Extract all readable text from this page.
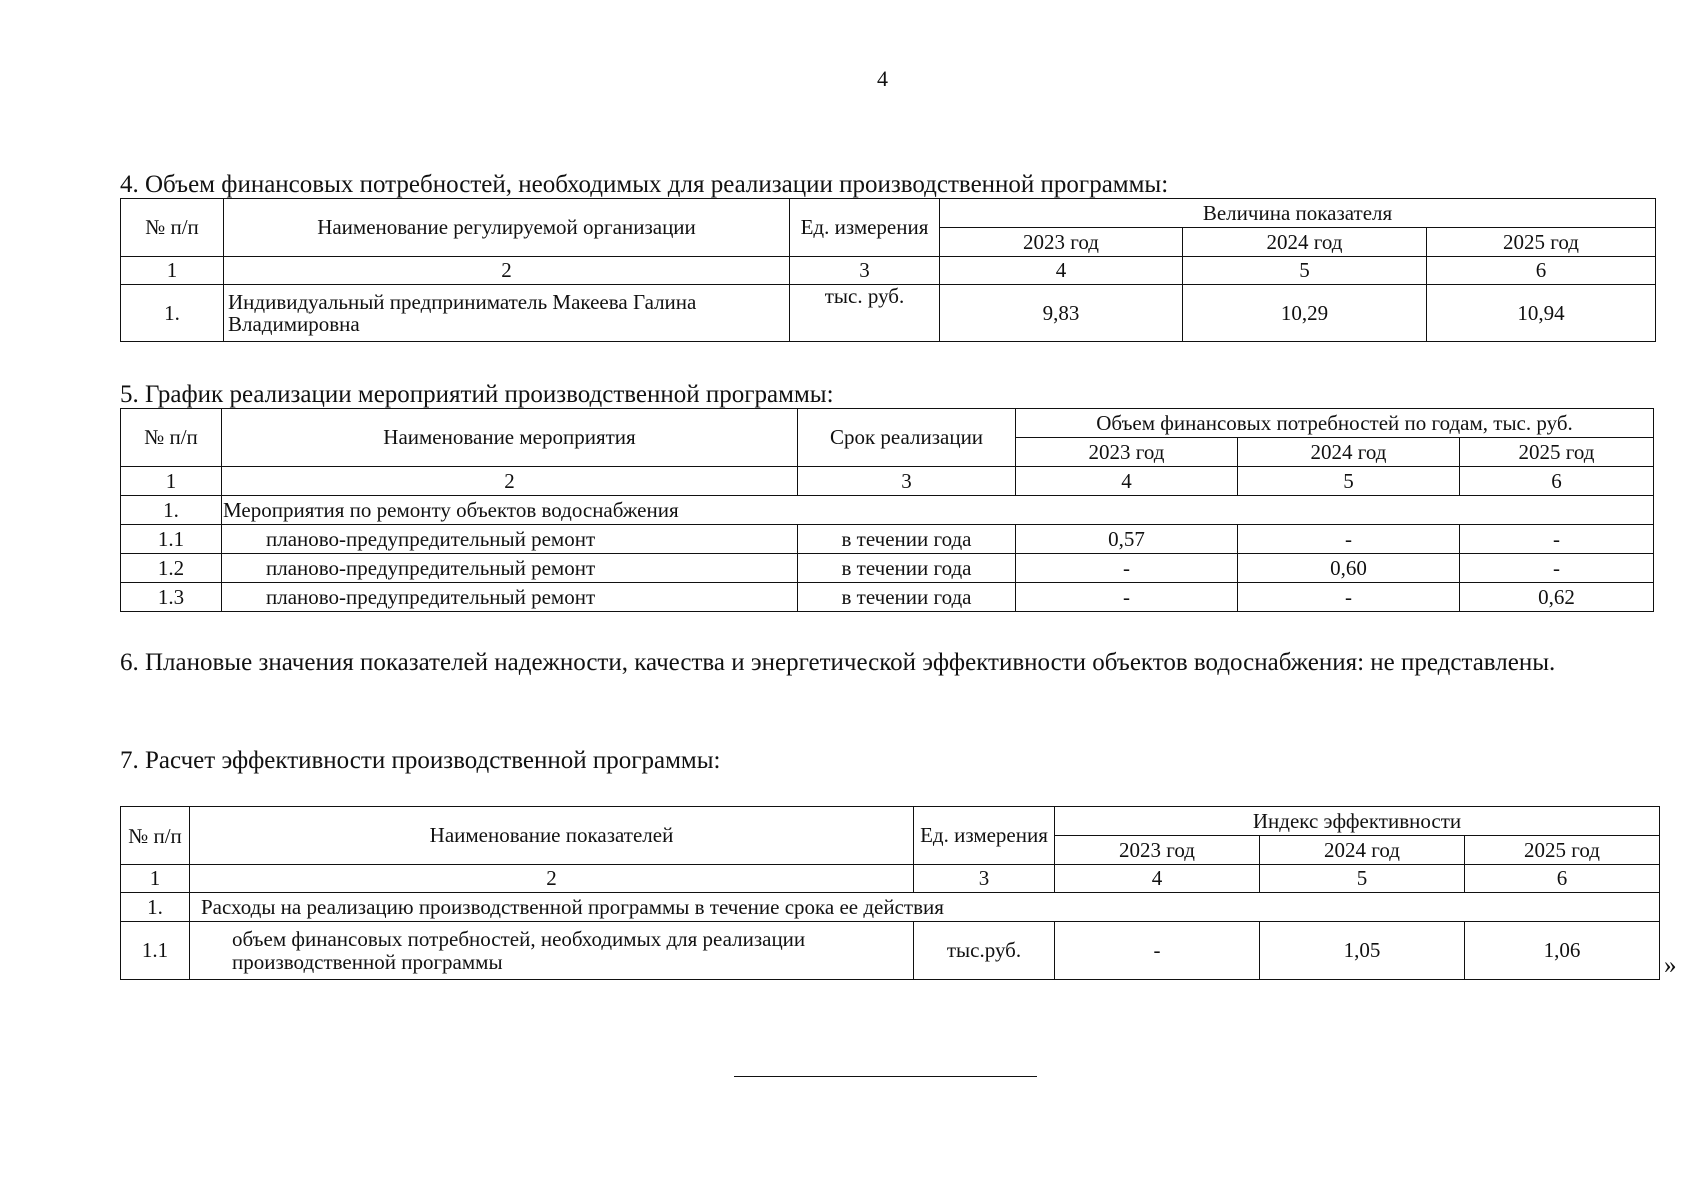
4
4. Объем финансовых потребностей, необходимых для реализации производственной программы:
№ п/п	Наименование регулируемой организации	Ед. измерения	Величина показателя		
			2023 год	2024 год	2025 год
1	2	3	4	5	6
1.	Индивидуальный предприниматель Макеева Галина Владимировна	тыс. руб.	9,83	10,29	10,94
5. График реализации мероприятий производственной программы:
№ п/п	Наименование мероприятия	Срок реализации	Объем финансовых потребностей по годам, тыс. руб.		
			2023 год	2024 год	2025 год
1	2	3	4	5	6
1.	Мероприятия по ремонту объектов водоснабжения				
1.1	планово-предупредительный ремонт	в течении года	0,57	-	-
1.2	планово-предупредительный ремонт	в течении года	-	0,60	-
1.3	планово-предупредительный ремонт	в течении года	-	-	0,62
6. Плановые значения показателей надежности, качества и энергетической эффективности объектов водоснабжения: не представлены.
7. Расчет эффективности производственной программы:
№ п/п	Наименование показателей	Ед. измерения	Индекс эффективности		
			2023 год	2024 год	2025 год
1	2	3	4	5	6
1.	Расходы на реализацию производственной программы в течение срока ее действия				
1.1	объем финансовых потребностей, необходимых для реализации производственной программы	тыс.руб.	-	1,05	1,06
»
